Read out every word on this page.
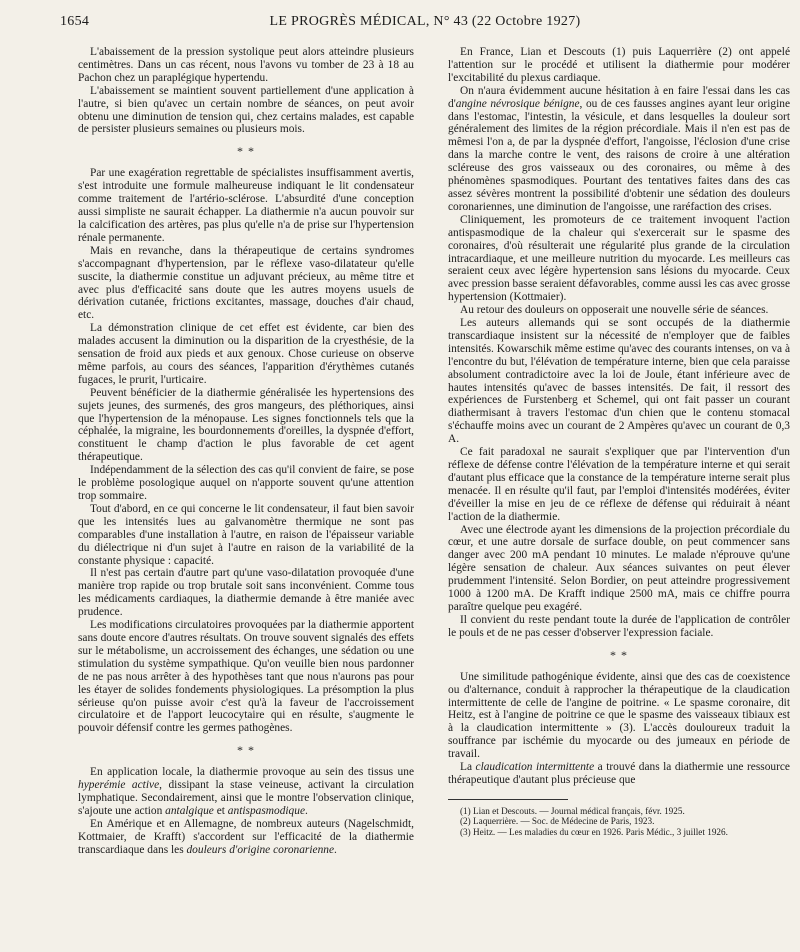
1654	LE PROGRÈS MÉDICAL, N° 43 (22 Octobre 1927)

L'abaissement de la pression systolique peut alors atteindre plusieurs centimètres. Dans un cas récent, nous l'avons vu tomber de 23 à 18 au Pachon chez un paraplégique hypertendu.

L'abaissement se maintient souvent partiellement d'une application à l'autre, si bien qu'avec un certain nombre de séances, on peut avoir obtenu une diminution de tension qui, chez certains malades, est capable de persister plusieurs semaines ou plusieurs mois.

* *

Par une exagération regrettable de spécialistes insuffisamment avertis, s'est introduite une formule malheureuse indiquant le lit condensateur comme traitement de l'artério-sclérose. L'absurdité d'une conception aussi simpliste ne saurait échapper. La diathermie n'a aucun pouvoir sur la calcification des artères, pas plus qu'elle n'a de prise sur l'hypertension rénale permanente.

Mais en revanche, dans la thérapeutique de certains syndromes s'accompagnant d'hypertension, par le réflexe vaso-dilatateur qu'elle suscite, la diathermie constitue un adjuvant précieux, au même titre et avec plus d'efficacité sans doute que les autres moyens usuels de dérivation cutanée, frictions excitantes, massage, douches d'air chaud, etc.

La démonstration clinique de cet effet est évidente, car bien des malades accusent la diminution ou la disparition de la cryesthésie, de la sensation de froid aux pieds et aux genoux. Chose curieuse on observe même parfois, au cours des séances, l'apparition d'érythèmes cutanés fugaces, le prurit, l'urticaire.

Peuvent bénéficier de la diathermie généralisée les hypertensions des sujets jeunes, des surmenés, des gros mangeurs, des pléthoriques, ainsi que l'hypertension de la ménopause. Les signes fonctionnels tels que la céphalée, la migraine, les bourdonnements d'oreilles, la dyspnée d'effort, constituent le champ d'action le plus favorable de cet agent thérapeutique.

Indépendamment de la sélection des cas qu'il convient de faire, se pose le problème posologique auquel on n'apporte souvent qu'une attention trop sommaire.

Tout d'abord, en ce qui concerne le lit condensateur, il faut bien savoir que les intensités lues au galvanomètre thermique ne sont pas comparables d'une installation à l'autre, en raison de l'épaisseur variable du diélectrique ni d'un sujet à l'autre en raison de la variabilité de la constante physique : capacité.

Il n'est pas certain d'autre part qu'une vaso-dilatation provoquée d'une manière trop rapide ou trop brutale soit sans inconvénient. Comme tous les médicaments cardiaques, la diathermie demande à être maniée avec prudence.

Les modifications circulatoires provoquées par la diathermie apportent sans doute encore d'autres résultats. On trouve souvent signalés des effets sur le métabolisme, un accroissement des échanges, une sédation ou une stimulation du système sympathique. Qu'on veuille bien nous pardonner de ne pas nous arrêter à des hypothèses tant que nous n'aurons pas pour les étayer de solides fondements physiologiques. La présomption la plus sérieuse qu'on puisse avoir c'est qu'à la faveur de l'accroissement circulatoire et de l'apport leucocytaire qui en résulte, s'augmente le pouvoir défensif contre les germes pathogènes.

* *

En application locale, la diathermie provoque au sein des tissus une hyperémie active, dissipant la stase veineuse, activant la circulation lymphatique. Secondairement, ainsi que le montre l'observation clinique, s'ajoute une action antalgique et antispasmodique.

En Amérique et en Allemagne, de nombreux auteurs (Nagelschmidt, Kottmaier, de Krafft) s'accordent sur l'efficacité de la diathermie transcardiaque dans les douleurs d'origine coronarienne.

En France, Lian et Descouts (1) puis Laquerrière (2) ont appelé l'attention sur le procédé et utilisent la diathermie pour modérer l'excitabilité du plexus cardiaque.

On n'aura évidemment aucune hésitation à en faire l'essai dans les cas d'angine névrosique bénigne, ou de ces fausses angines ayant leur origine dans l'estomac, l'intestin, la vésicule, et dans lesquelles la douleur sort généralement des limites de la région précordiale. Mais il n'en est pas de mêmesi l'on a, de par la dyspnée d'effort, l'angoisse, l'éclosion d'une crise dans la marche contre le vent, des raisons de croire à une altération scléreuse des gros vaisseaux ou des coronaires, ou même à des phénomènes spasmodiques. Pourtant des tentatives faites dans des cas assez sévères montrent la possibilité d'obtenir une sédation des douleurs coronariennes, une diminution de l'angoisse, une raréfaction des crises.

Cliniquement, les promoteurs de ce traitement invoquent l'action antispasmodique de la chaleur qui s'exercerait sur le spasme des coronaires, d'où résulterait une régularité plus grande de la circulation intracardiaque, et une meilleure nutrition du myocarde. Les meilleurs cas seraient ceux avec légère hypertension sans lésions du myocarde. Ceux avec pression basse seraient défavorables, comme aussi les cas avec grosse hypertension (Kottmaier).

Au retour des douleurs on opposerait une nouvelle série de séances.

Les auteurs allemands qui se sont occupés de la diathermie transcardiaque insistent sur la nécessité de n'employer que de faibles intensités. Kowarschik même estime qu'avec des courants intenses, on va à l'encontre du but, l'élévation de température interne, bien que cela paraisse absolument contradictoire avec la loi de Joule, étant inférieure avec de hautes intensités qu'avec de basses intensités. De fait, il ressort des expériences de Furstenberg et Schemel, qui ont fait passer un courant diathermisant à travers l'estomac d'un chien que le contenu stomacal s'échauffe moins avec un courant de 2 Ampères qu'avec un courant de 0,3 A.

Ce fait paradoxal ne saurait s'expliquer que par l'intervention d'un réflexe de défense contre l'élévation de la température interne et qui serait d'autant plus efficace que la constance de la température interne serait plus menacée. Il en résulte qu'il faut, par l'emploi d'intensités modérées, éviter d'éveiller la mise en jeu de ce réflexe de défense qui réduirait à néant l'action de la diathermie.

Avec une électrode ayant les dimensions de la projection précordiale du cœur, et une autre dorsale de surface double, on peut commencer sans danger avec 200 mA pendant 10 minutes. Le malade n'éprouve qu'une légère sensation de chaleur. Aux séances suivantes on peut élever prudemment l'intensité. Selon Bordier, on peut atteindre progressivement 1000 à 1200 mA. De Krafft indique 2500 mA, mais ce chiffre pourra paraître quelque peu exagéré.

Il convient du reste pendant toute la durée de l'application de contrôler le pouls et de ne pas cesser d'observer l'expression faciale.

* *

Une similitude pathogénique évidente, ainsi que des cas de coexistence ou d'alternance, conduit à rapprocher la thérapeutique de la claudication intermittente de celle de l'angine de poitrine. « Le spasme coronaire, dit Heitz, est à l'angine de poitrine ce que le spasme des vaisseaux tibiaux est à la claudication intermittente » (3). L'accès douloureux traduit la souffrance par ischémie du myocarde ou des jumeaux en période de travail.

La claudication intermittente a trouvé dans la diathermie une ressource thérapeutique d'autant plus précieuse que

(1) Lian et Descouts. — Journal médical français, févr. 1925.

(2) Laquerrière. — Soc. de Médecine de Paris, 1923.

(3) Heitz. — Les maladies du cœur en 1926. Paris Médic., 3 juillet 1926.
